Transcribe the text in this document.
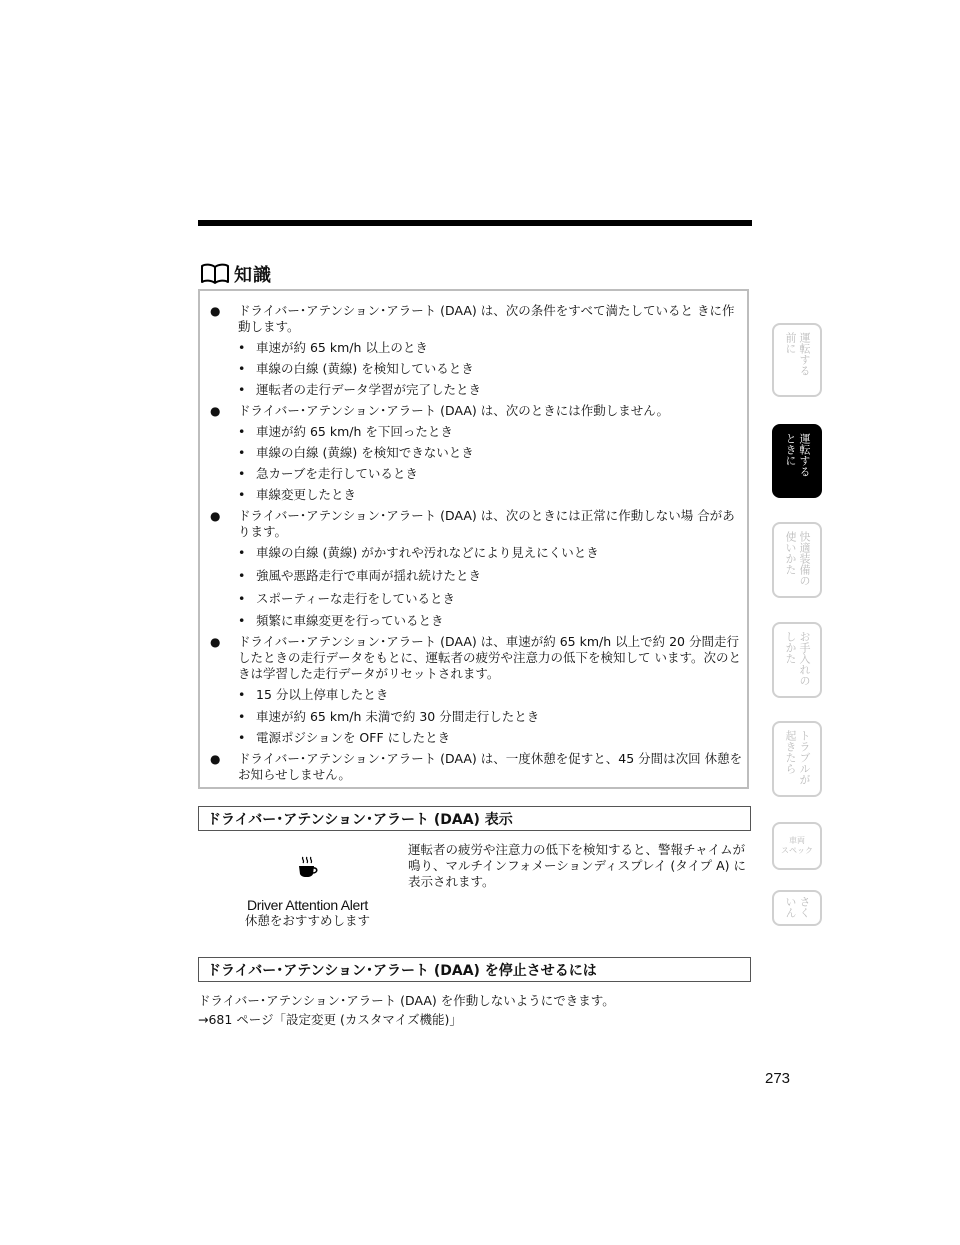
知識
● ドライバー･アテンション･アラート (DAA) は、次の条件をすべて満たしていると きに作動します。
• 車速が約 65 km/h 以上のとき
• 車線の白線 (黄線) を検知しているとき
• 運転者の走行データ学習が完了したとき
● ドライバー･アテンション･アラート (DAA) は、次のときには作動しません。
• 車速が約 65 km/h を下回ったとき
• 車線の白線 (黄線) を検知できないとき
• 急カーブを走行しているとき
• 車線変更したとき
● ドライバー･アテンション･アラート (DAA) は、次のときには正常に作動しない場 合があります。
• 車線の白線 (黄線) がかすれや汚れなどにより見えにくいとき
• 強風や悪路走行で車両が揺れ続けたとき
• スポーティーな走行をしているとき
• 頻繁に車線変更を行っているとき
● ドライバー･アテンション･アラート (DAA) は、車速が約 65 km/h 以上で約 20 分間走行したときの走行データをもとに、運転者の疲労や注意力の低下を検知して います。次のときは学習した走行データがリセットされます。
• 15 分以上停車したとき
• 車速が約 65 km/h 未満で約 30 分間走行したとき
• 電源ポジションを OFF にしたとき
● ドライバー･アテンション･アラート (DAA) は、一度休憩を促すと、45 分間は次回 休憩をお知らせしません。
ドライバー･アテンション･アラート (DAA) 表示
Driver Attention Alert
休憩をおすすめします
運転者の疲労や注意力の低下を検知すると、警報チャイムが鳴り、マルチインフォメーションディスプレイ (タイプ A) に表示されます。
ドライバー･アテンション･アラート (DAA) を停止させるには
ドライバー･アテンション･アラート (DAA) を作動しないようにできます。
→681 ページ「設定変更 (カスタマイズ機能)」
273
運転する
前に
運転する
ときに
快適装備の
使いかた
お手入れの
しかた
トラブルが
起きたら
車両
スペック
さく
いん
